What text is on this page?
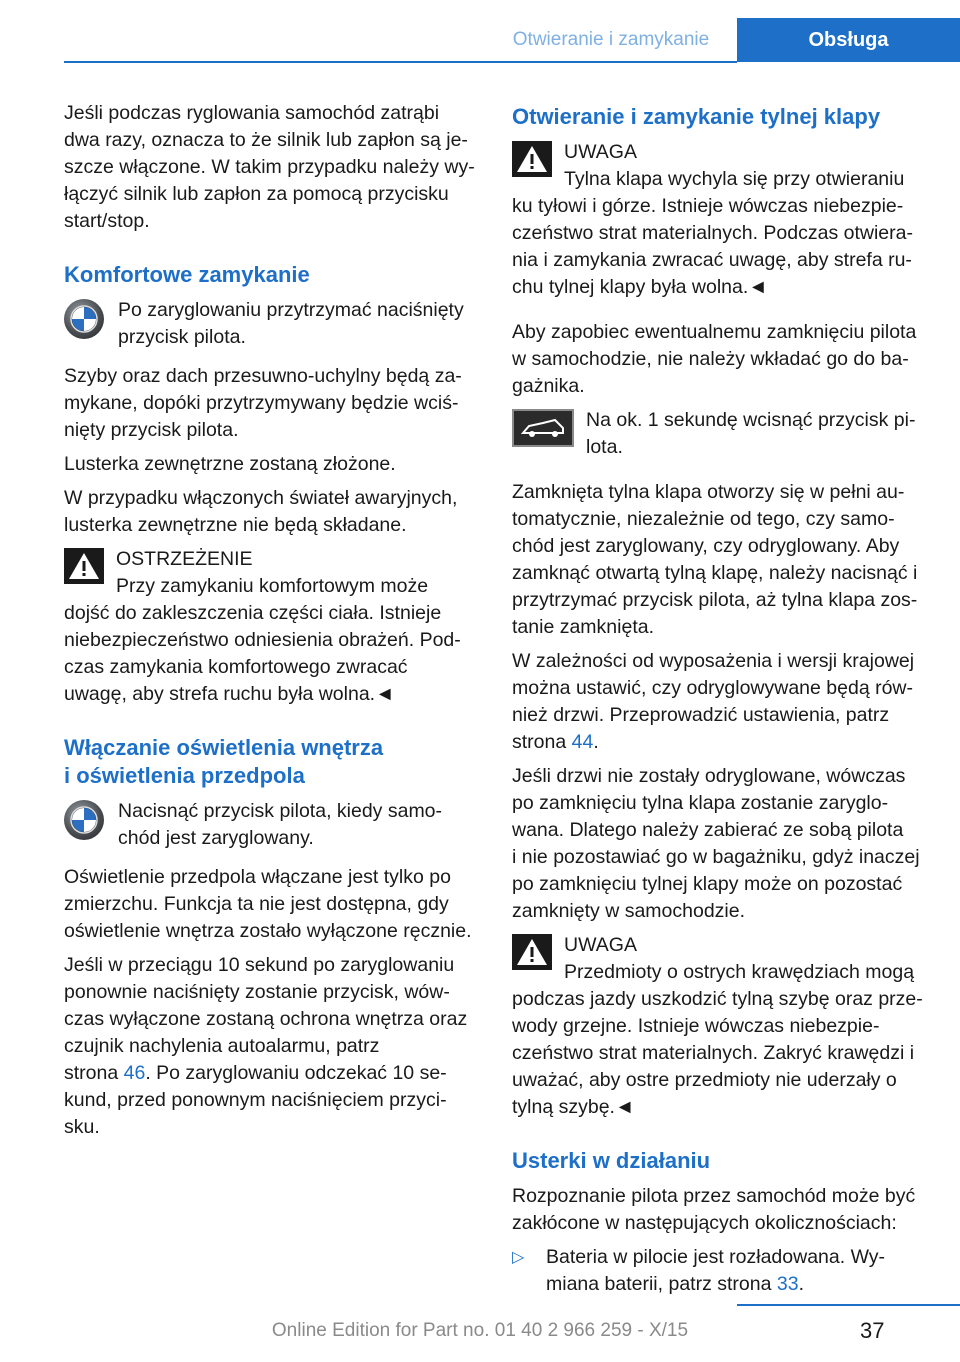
Otwieranie i zamykanie	Obsługa

Jeśli podczas ryglowania samochód zatrąbi
dwa razy, oznacza to że silnik lub zapłon są je‐
szcze włączone. W takim przypadku należy wy‐
łączyć silnik lub zapłon za pomocą przycisku
start/stop.

Komfortowe zamykanie
Po zaryglowaniu przytrzymać naciśnięty
przycisk pilota.

Szyby oraz dach przesuwno-uchylny będą za‐
mykane, dopóki przytrzymywany będzie wciś‐
nięty przycisk pilota.

Lusterka zewnętrzne zostaną złożone.

W przypadku włączonych świateł awaryjnych,
lusterka zewnętrzne nie będą składane.

OSTRZEŻENIE
Przy zamykaniu komfortowym może
dojść do zakleszczenia części ciała. Istnieje
niebezpieczeństwo odniesienia obrażeń. Pod‐
czas zamykania komfortowego zwracać
uwagę, aby strefa ruchu była wolna.◄
Włączanie oświetlenia wnętrza
i oświetlenia przedpola
Nacisnąć przycisk pilota, kiedy samo‐
chód jest zaryglowany.

Oświetlenie przedpola włączane jest tylko po
zmierzchu. Funkcja ta nie jest dostępna, gdy
oświetlenie wnętrza zostało wyłączone ręcznie.

Jeśli w przeciągu 10 sekund po zaryglowaniu
ponownie naciśnięty zostanie przycisk, wów‐
czas wyłączone zostaną ochrona wnętrza oraz
czujnik nachylenia autoalarmu, patrz
strona 46. Po zaryglowaniu odczekać 10 se‐
kund, przed ponownym naciśnięciem przyci‐
sku.

Otwieranie i zamykanie tylnej klapy
UWAGA
Tylna klapa wychyla się przy otwieraniu
ku tyłowi i górze. Istnieje wówczas niebezpie‐
czeństwo strat materialnych. Podczas otwiera‐
nia i zamykania zwracać uwagę, aby strefa ru‐
chu tylnej klapy była wolna.◄

Aby zapobiec ewentualnemu zamknięciu pilota
w samochodzie, nie należy wkładać go do ba‐
gażnika.

Na ok. 1 sekundę wcisnąć przycisk pi‐
lota.

Zamknięta tylna klapa otworzy się w pełni au‐
tomatycznie, niezależnie od tego, czy samo‐
chód jest zaryglowany, czy odryglowany. Aby
zamknąć otwartą tylną klapę, należy nacisnąć i
przytrzymać przycisk pilota, aż tylna klapa zos‐
tanie zamknięta.

W zależności od wyposażenia i wersji krajowej
można ustawić, czy odryglowywane będą rów‐
nież drzwi. Przeprowadzić ustawienia, patrz
strona 44.

Jeśli drzwi nie zostały odryglowane, wówczas
po zamknięciu tylna klapa zostanie zaryglo‐
wana. Dlatego należy zabierać ze sobą pilota
i nie pozostawiać go w bagażniku, gdyż inaczej
po zamknięciu tylnej klapy może on pozostać
zamknięty w samochodzie.

UWAGA
Przedmioty o ostrych krawędziach mogą
podczas jazdy uszkodzić tylną szybę oraz prze‐
wody grzejne. Istnieje wówczas niebezpie‐
czeństwo strat materialnych. Zakryć krawędzi i
uważać, aby ostre przedmioty nie uderzały o
tylną szybę.◄
Usterki w działaniu

Rozpoznanie pilota przez samochód może być
zakłócone w następujących okolicznościach:

▷ Bateria w pilocie jest rozładowana. Wy‐
miana baterii, patrz strona 33.
Online Edition for Part no. 01 40 2 966 259 - X/15	37
